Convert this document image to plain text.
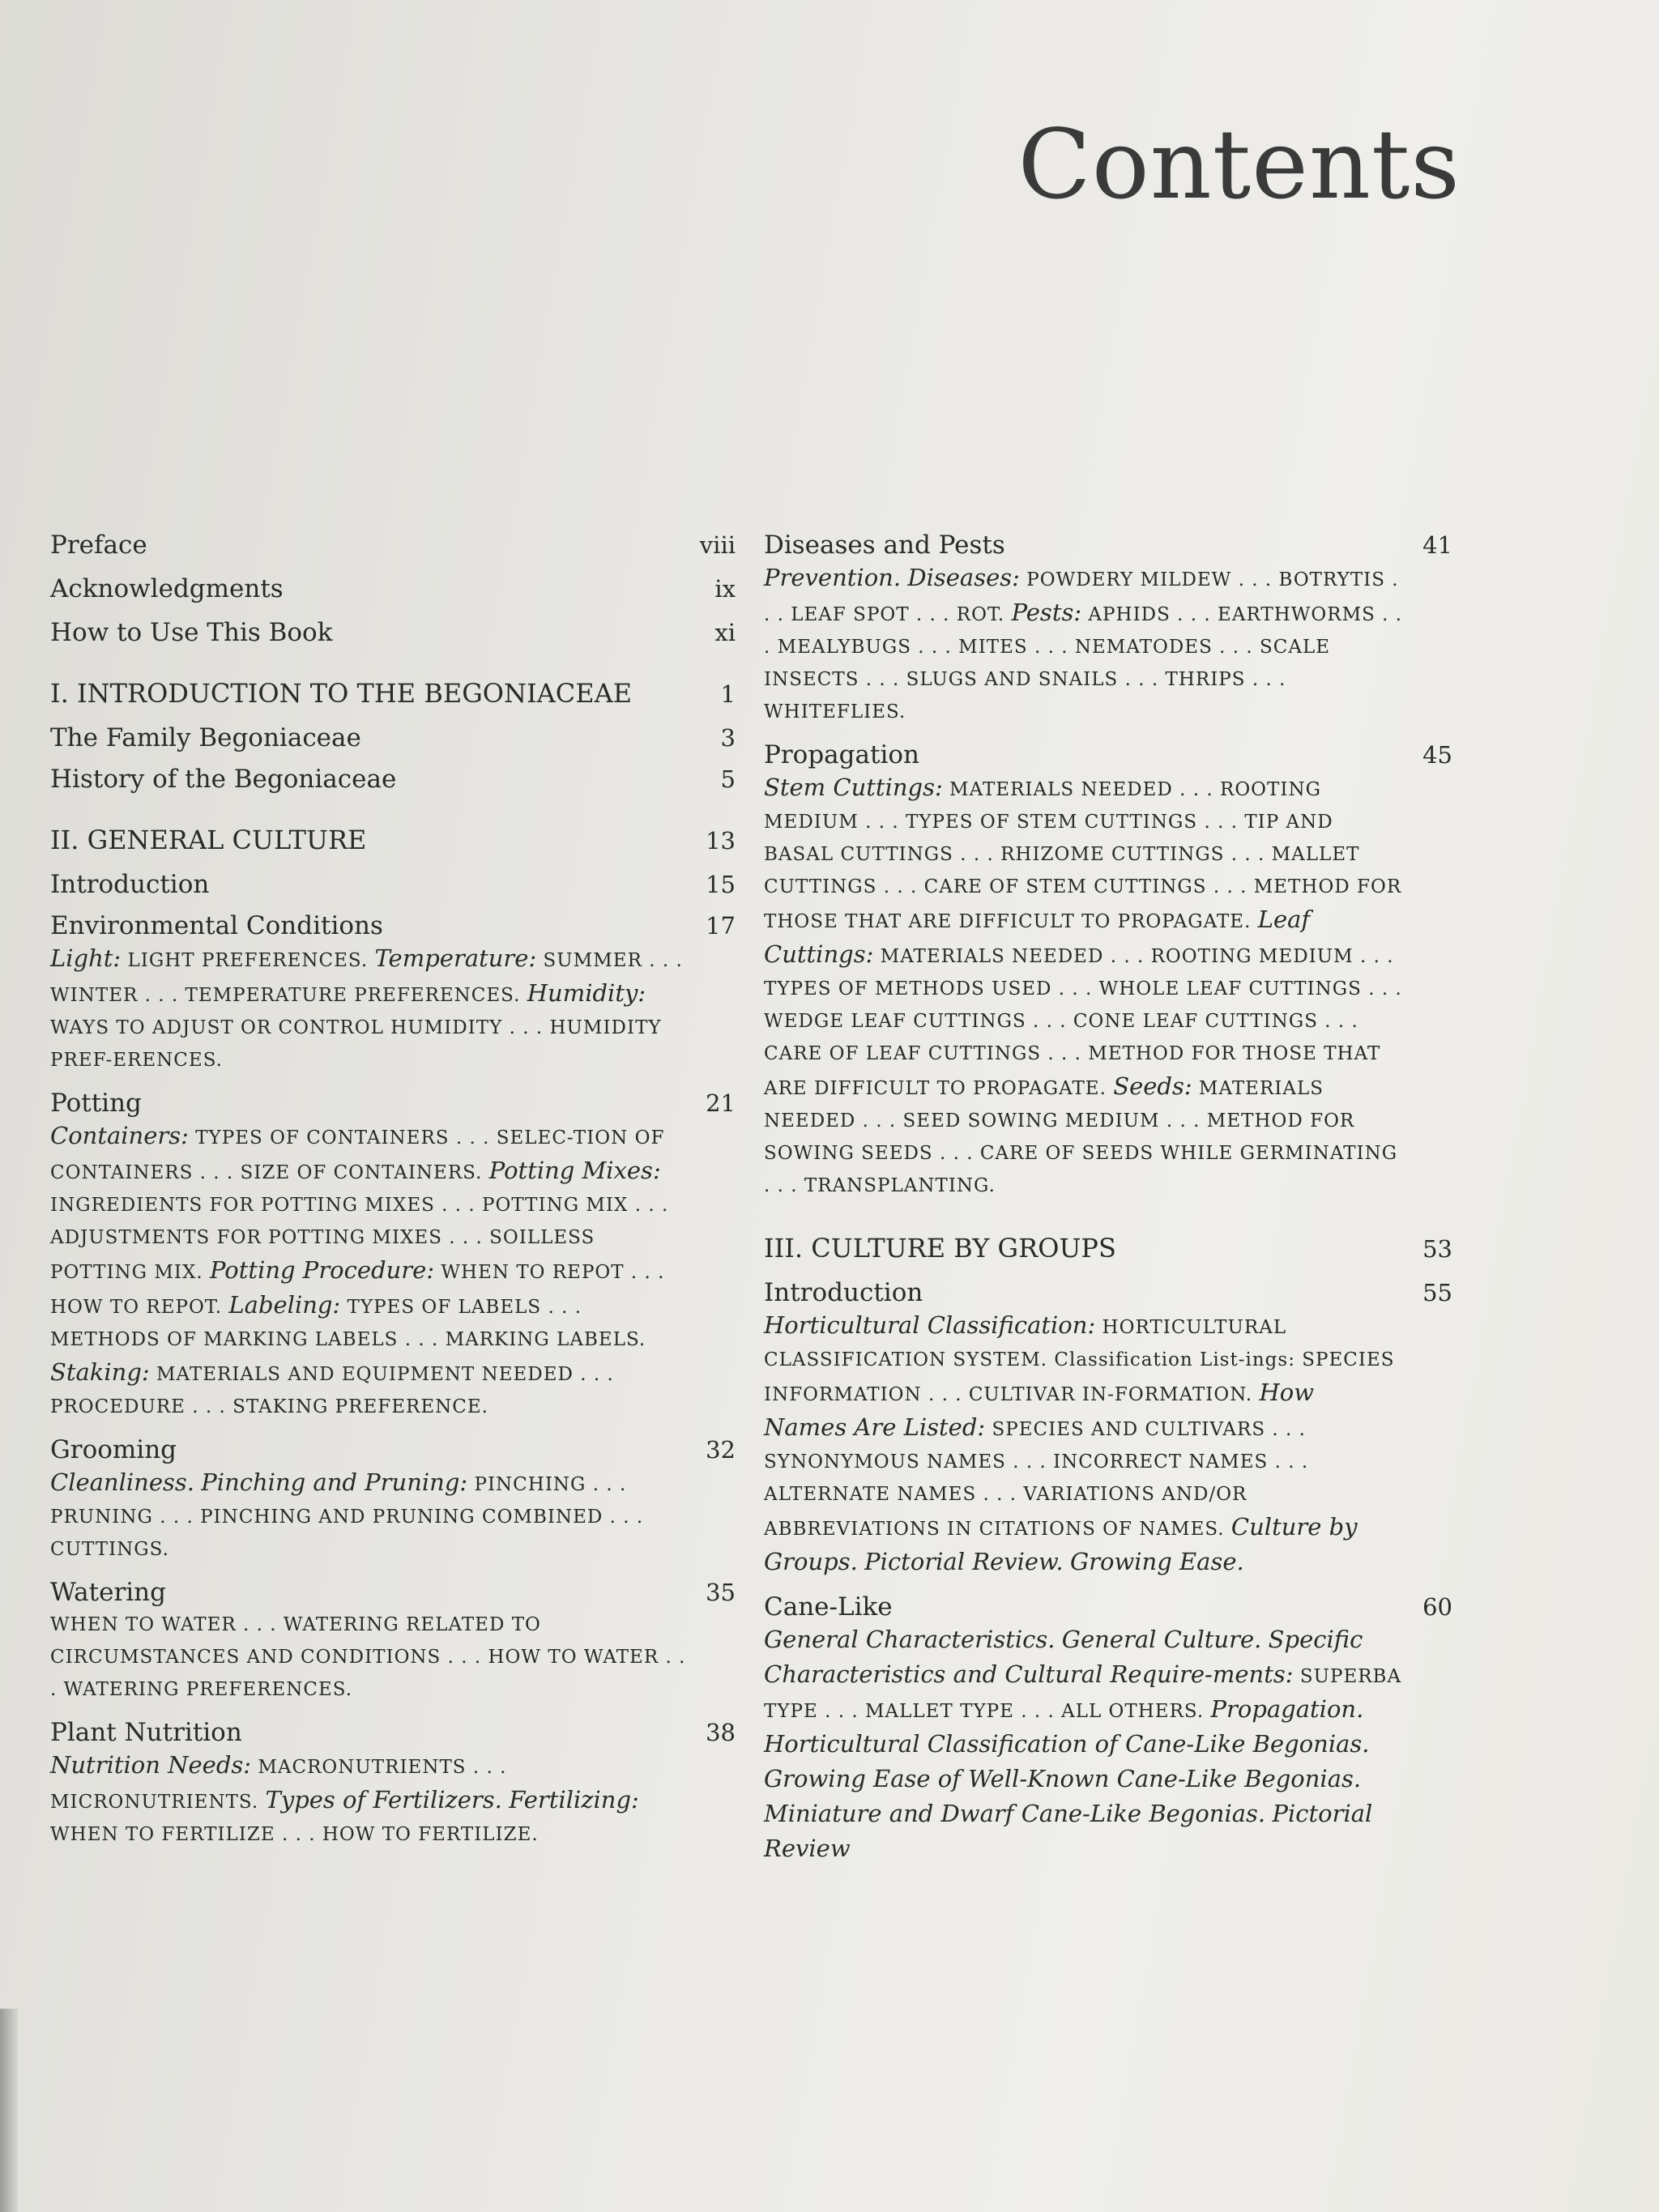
Contents
Preface	viii
Acknowledgments	ix
How to Use This Book	xi
I. INTRODUCTION TO THE BEGONIACEAE	1
The Family Begoniaceae	3
History of the Begoniaceae	5
II. GENERAL CULTURE	13
Introduction	15
Environmental Conditions	17
Light: LIGHT PREFERENCES. Temperature: SUMMER . . . WINTER . . . TEMPERATURE PREFERENCES. Humidity: WAYS TO ADJUST OR CONTROL HUMIDITY . . . HUMIDITY PREF-ERENCES.
Potting	21
Containers: TYPES OF CONTAINERS . . . SELEC-TION OF CONTAINERS . . . SIZE OF CONTAINERS. Potting Mixes: INGREDIENTS FOR POTTING MIXES . . . POTTING MIX . . . ADJUSTMENTS FOR POTTING MIXES . . . SOILLESS POTTING MIX. Potting Procedure: WHEN TO REPOT . . . HOW TO REPOT. Labeling: TYPES OF LABELS . . . METHODS OF MARKING LABELS . . . MARKING LABELS. Staking: MATERIALS AND EQUIPMENT NEEDED . . . PROCEDURE . . . STAKING PREFERENCE.
Grooming	32
Cleanliness. Pinching and Pruning: PINCHING . . . PRUNING . . . PINCHING AND PRUNING COMBINED . . . CUTTINGS.
Watering	35
WHEN TO WATER . . . WATERING RELATED TO CIRCUMSTANCES AND CONDITIONS . . . HOW TO WATER . . . WATERING PREFERENCES.
Plant Nutrition	38
Nutrition Needs: MACRONUTRIENTS . . . MICRONUTRIENTS. Types of Fertilizers. Fertilizing: WHEN TO FERTILIZE . . . HOW TO FERTILIZE.
Diseases and Pests	41
Prevention. Diseases: POWDERY MILDEW . . . BOTRYTIS . . . LEAF SPOT . . . ROT. Pests: APHIDS . . . EARTHWORMS . . . MEALYBUGS . . . MITES . . . NEMATODES . . . SCALE INSECTS . . . SLUGS AND SNAILS . . . THRIPS . . . WHITEFLIES.
Propagation	45
Stem Cuttings: MATERIALS NEEDED . . . ROOTING MEDIUM . . . TYPES OF STEM CUTTINGS . . . TIP AND BASAL CUTTINGS . . . RHIZOME CUTTINGS . . . MALLET CUTTINGS . . . CARE OF STEM CUTTINGS . . . METHOD FOR THOSE THAT ARE DIFFICULT TO PROPAGATE. Leaf Cuttings: MATERIALS NEEDED . . . ROOTING MEDIUM . . . TYPES OF METHODS USED . . . WHOLE LEAF CUTTINGS . . . WEDGE LEAF CUTTINGS . . . CONE LEAF CUTTINGS . . . CARE OF LEAF CUTTINGS . . . METHOD FOR THOSE THAT ARE DIFFICULT TO PROPAGATE. Seeds: MATERIALS NEEDED . . . SEED SOWING MEDIUM . . . METHOD FOR SOWING SEEDS . . . CARE OF SEEDS WHILE GERMINATING . . . TRANSPLANTING.
III. CULTURE BY GROUPS	53
Introduction	55
Horticultural Classification: HORTICULTURAL CLASSIFICATION SYSTEM. Classification List-ings: SPECIES INFORMATION . . . CULTIVAR IN-FORMATION. How Names Are Listed: SPECIES AND CULTIVARS . . . SYNONYMOUS NAMES . . . INCORRECT NAMES . . . ALTERNATE NAMES . . . VARIATIONS AND/OR ABBREVIATIONS IN CITATIONS OF NAMES. Culture by Groups. Pictorial Review. Growing Ease.
Cane-Like	60
General Characteristics. General Culture. Specific Characteristics and Cultural Require-ments: SUPERBA TYPE . . . MALLET TYPE . . . ALL OTHERS. Propagation. Horticultural Classification of Cane-Like Begonias. Growing Ease of Well-Known Cane-Like Begonias. Miniature and Dwarf Cane-Like Begonias. Pictorial Review
